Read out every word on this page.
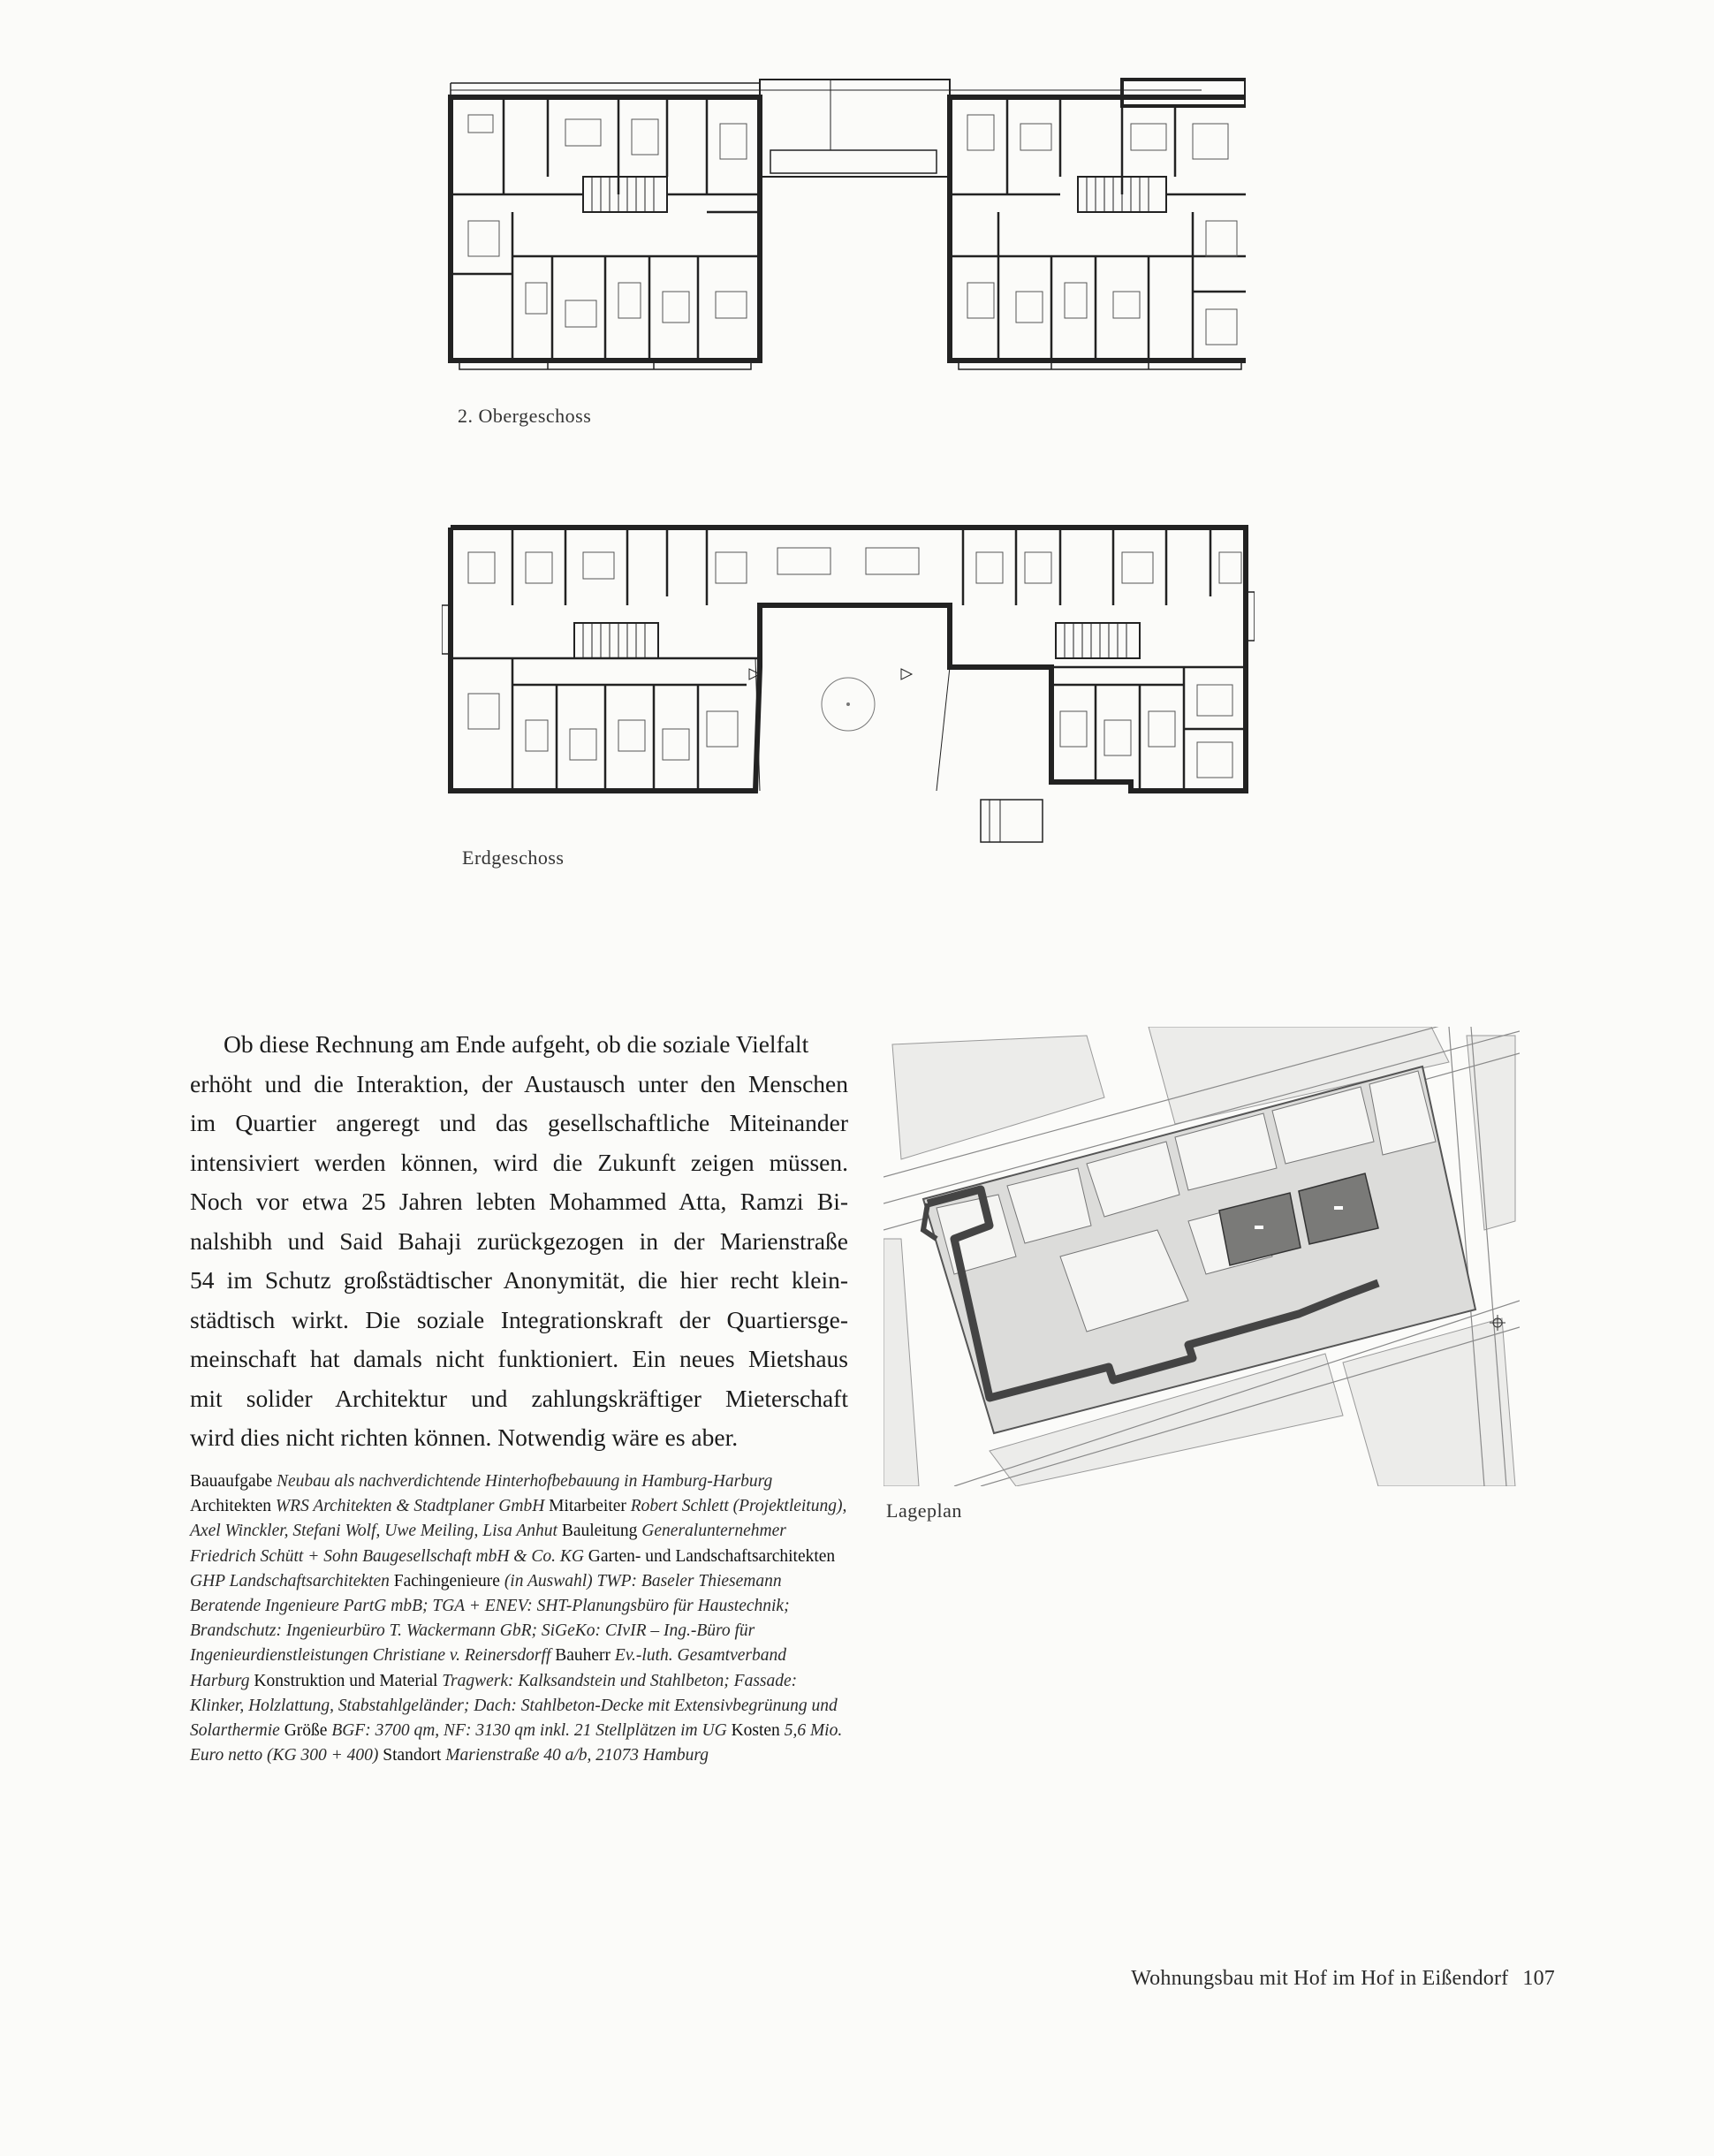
2. Obergeschoss
Erdgeschoss
Ob diese Rechnung am Ende aufgeht, ob die soziale Vielfalt
erhöht und die Interaktion, der Austausch unter den Menschen
im Quartier angeregt und das gesellschaftliche Miteinander
intensiviert werden können, wird die Zukunft zeigen müssen.
Noch vor etwa 25 Jahren lebten Mohammed Atta, Ramzi Bi-
nalshibh und Said Bahaji zurückgezogen in der Marienstraße
54 im Schutz großstädtischer Anonymität, die hier recht klein-
städtisch wirkt. Die soziale Integrationskraft der Quartiersge-
meinschaft hat damals nicht funktioniert. Ein neues Mietshaus
mit solider Architektur und zahlungskräftiger Mieterschaft
wird dies nicht richten können. Notwendig wäre es aber.
Bauaufgabe Neubau als nachverdichtende Hinterhofbebauung in Hamburg-Harburg Architekten WRS Architekten & Stadtplaner GmbH Mitarbeiter Robert Schlett (Projektleitung), Axel Winckler, Stefani Wolf, Uwe Meiling, Lisa Anhut Bauleitung Generalunternehmer Friedrich Schütt + Sohn Baugesellschaft mbH & Co. KG Garten- und Landschaftsarchitekten GHP Landschaftsarchitekten Fachingenieure (in Auswahl) TWP: Baseler Thiesemann Beratende Ingenieure PartG mbB; TGA + ENEV: SHT-Planungsbüro für Haustechnik; Brandschutz: Ingenieurbüro T. Wackermann GbR; SiGeKo: CIvIR – Ing.-Büro für Ingenieurdienstleistungen Christiane v. Reinersdorff Bauherr Ev.-luth. Gesamtverband Harburg Konstruktion und Material Tragwerk: Kalksandstein und Stahlbeton; Fassade: Klinker, Holzlattung, Stabstahlgeländer; Dach: Stahlbeton-Decke mit Extensivbegrünung und Solarthermie Größe BGF: 3700 qm, NF: 3130 qm inkl. 21 Stellplätzen im UG Kosten 5,6 Mio. Euro netto (KG 300 + 400) Standort Marienstraße 40 a/b, 21073 Hamburg
Lageplan
Wohnungsbau mit Hof im Hof in Eißendorf 107
